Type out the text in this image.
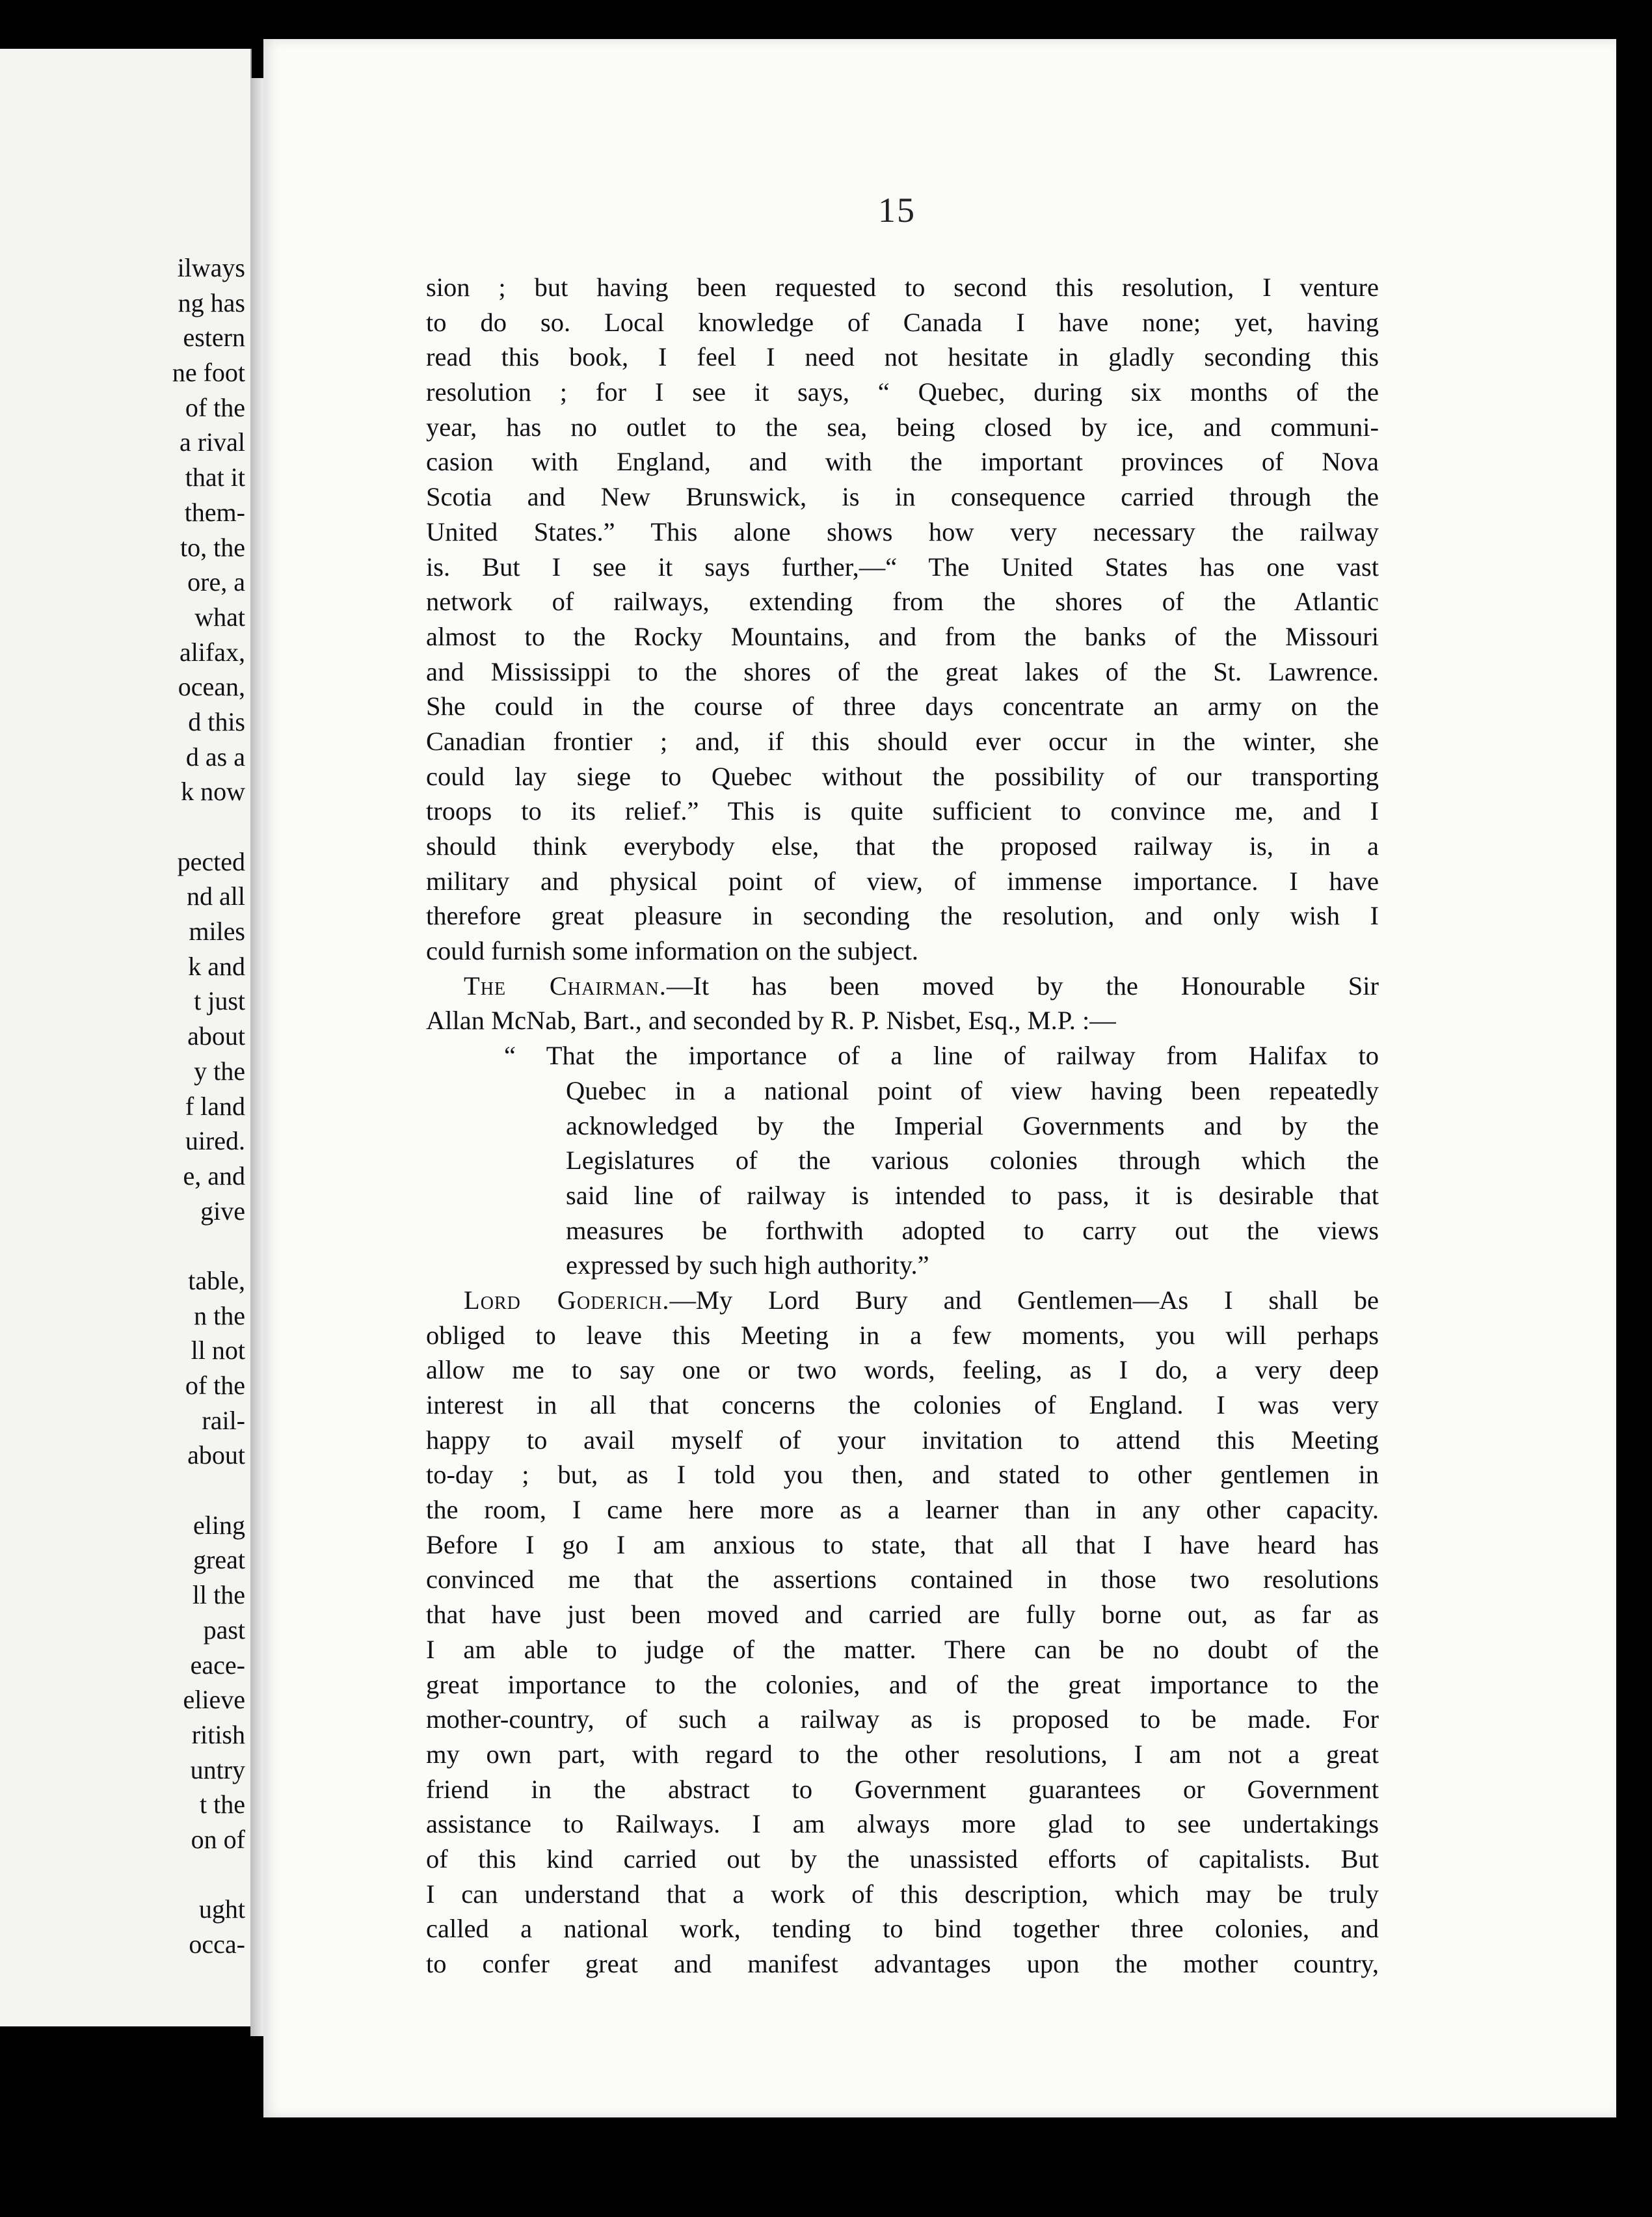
ilways
ng has
estern
ne foot
of the
a rival
that it
them-
to, the
ore, a
what
alifax,
ocean,
d this
d as a
k now
pected
nd all
miles
k and
t just
about
y the
f land
uired.
e, and
give
table,
n the
ll not
of the
rail-
about
eling
great
ll the
past
eace-
elieve
ritish
untry
t the
on of
ught
occa-
15
sion ; but having been requested to second this resolution, I venture
to do so. Local knowledge of Canada I have none; yet, having
read this book, I feel I need not hesitate in gladly seconding this
resolution ; for I see it says, “ Quebec, during six months of the
year, has no outlet to the sea, being closed by ice, and communi-
casion with England, and with the important provinces of Nova
Scotia and New Brunswick, is in consequence carried through the
United States.” This alone shows how very necessary the railway
is. But I see it says further,—“ The United States has one vast
network of railways, extending from the shores of the Atlantic
almost to the Rocky Mountains, and from the banks of the Missouri
and Mississippi to the shores of the great lakes of the St. Lawrence.
She could in the course of three days concentrate an army on the
Canadian frontier ; and, if this should ever occur in the winter, she
could lay siege to Quebec without the possibility of our transporting
troops to its relief.” This is quite sufficient to convince me, and I
should think everybody else, that the proposed railway is, in a
military and physical point of view, of immense importance. I have
therefore great pleasure in seconding the resolution, and only wish I
could furnish some information on the subject.
The Chairman.—It has been moved by the Honourable Sir
Allan McNab, Bart., and seconded by R. P. Nisbet, Esq., M.P. :—
“ That the importance of a line of railway from Halifax to
Quebec in a national point of view having been repeatedly
acknowledged by the Imperial Governments and by the
Legislatures of the various colonies through which the
said line of railway is intended to pass, it is desirable that
measures be forthwith adopted to carry out the views
expressed by such high authority.”
Lord Goderich.—My Lord Bury and Gentlemen—As I shall be
obliged to leave this Meeting in a few moments, you will perhaps
allow me to say one or two words, feeling, as I do, a very deep
interest in all that concerns the colonies of England. I was very
happy to avail myself of your invitation to attend this Meeting
to-day ; but, as I told you then, and stated to other gentlemen in
the room, I came here more as a learner than in any other capacity.
Before I go I am anxious to state, that all that I have heard has
convinced me that the assertions contained in those two resolutions
that have just been moved and carried are fully borne out, as far as
I am able to judge of the matter. There can be no doubt of the
great importance to the colonies, and of the great importance to the
mother-country, of such a railway as is proposed to be made. For
my own part, with regard to the other resolutions, I am not a great
friend in the abstract to Government guarantees or Government
assistance to Railways. I am always more glad to see undertakings
of this kind carried out by the unassisted efforts of capitalists. But
I can understand that a work of this description, which may be truly
called a national work, tending to bind together three colonies, and
to confer great and manifest advantages upon the mother country,
